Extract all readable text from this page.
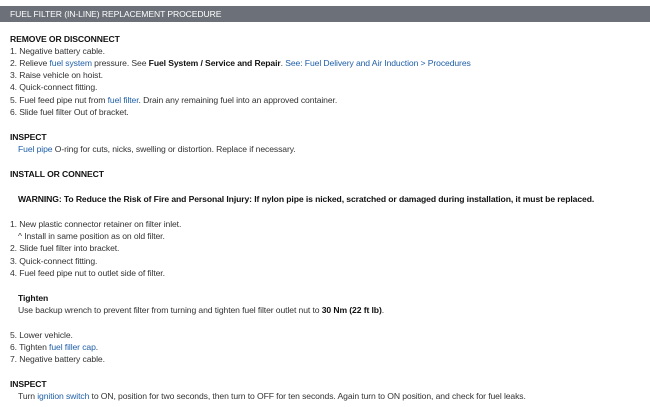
FUEL FILTER (IN-LINE) REPLACEMENT PROCEDURE
REMOVE OR DISCONNECT
1. Negative battery cable.
2. Relieve fuel system pressure. See Fuel System / Service and Repair. See: Fuel Delivery and Air Induction > Procedures
3. Raise vehicle on hoist.
4. Quick-connect fitting.
5. Fuel feed pipe nut from fuel filter. Drain any remaining fuel into an approved container.
6. Slide fuel filter Out of bracket.
INSPECT
Fuel pipe O-ring for cuts, nicks, swelling or distortion. Replace if necessary.
INSTALL OR CONNECT
WARNING: To Reduce the Risk of Fire and Personal Injury: If nylon pipe is nicked, scratched or damaged during installation, it must be replaced.
1. New plastic connector retainer on filter inlet.
^ Install in same position as on old filter.
2. Slide fuel filter into bracket.
3. Quick-connect fitting.
4. Fuel feed pipe nut to outlet side of filter.
Tighten
Use backup wrench to prevent filter from turning and tighten fuel filter outlet nut to 30 Nm (22 ft lb).
5. Lower vehicle.
6. Tighten fuel filler cap.
7. Negative battery cable.
INSPECT
Turn ignition switch to ON, position for two seconds, then turn to OFF for ten seconds. Again turn to ON position, and check for fuel leaks.
